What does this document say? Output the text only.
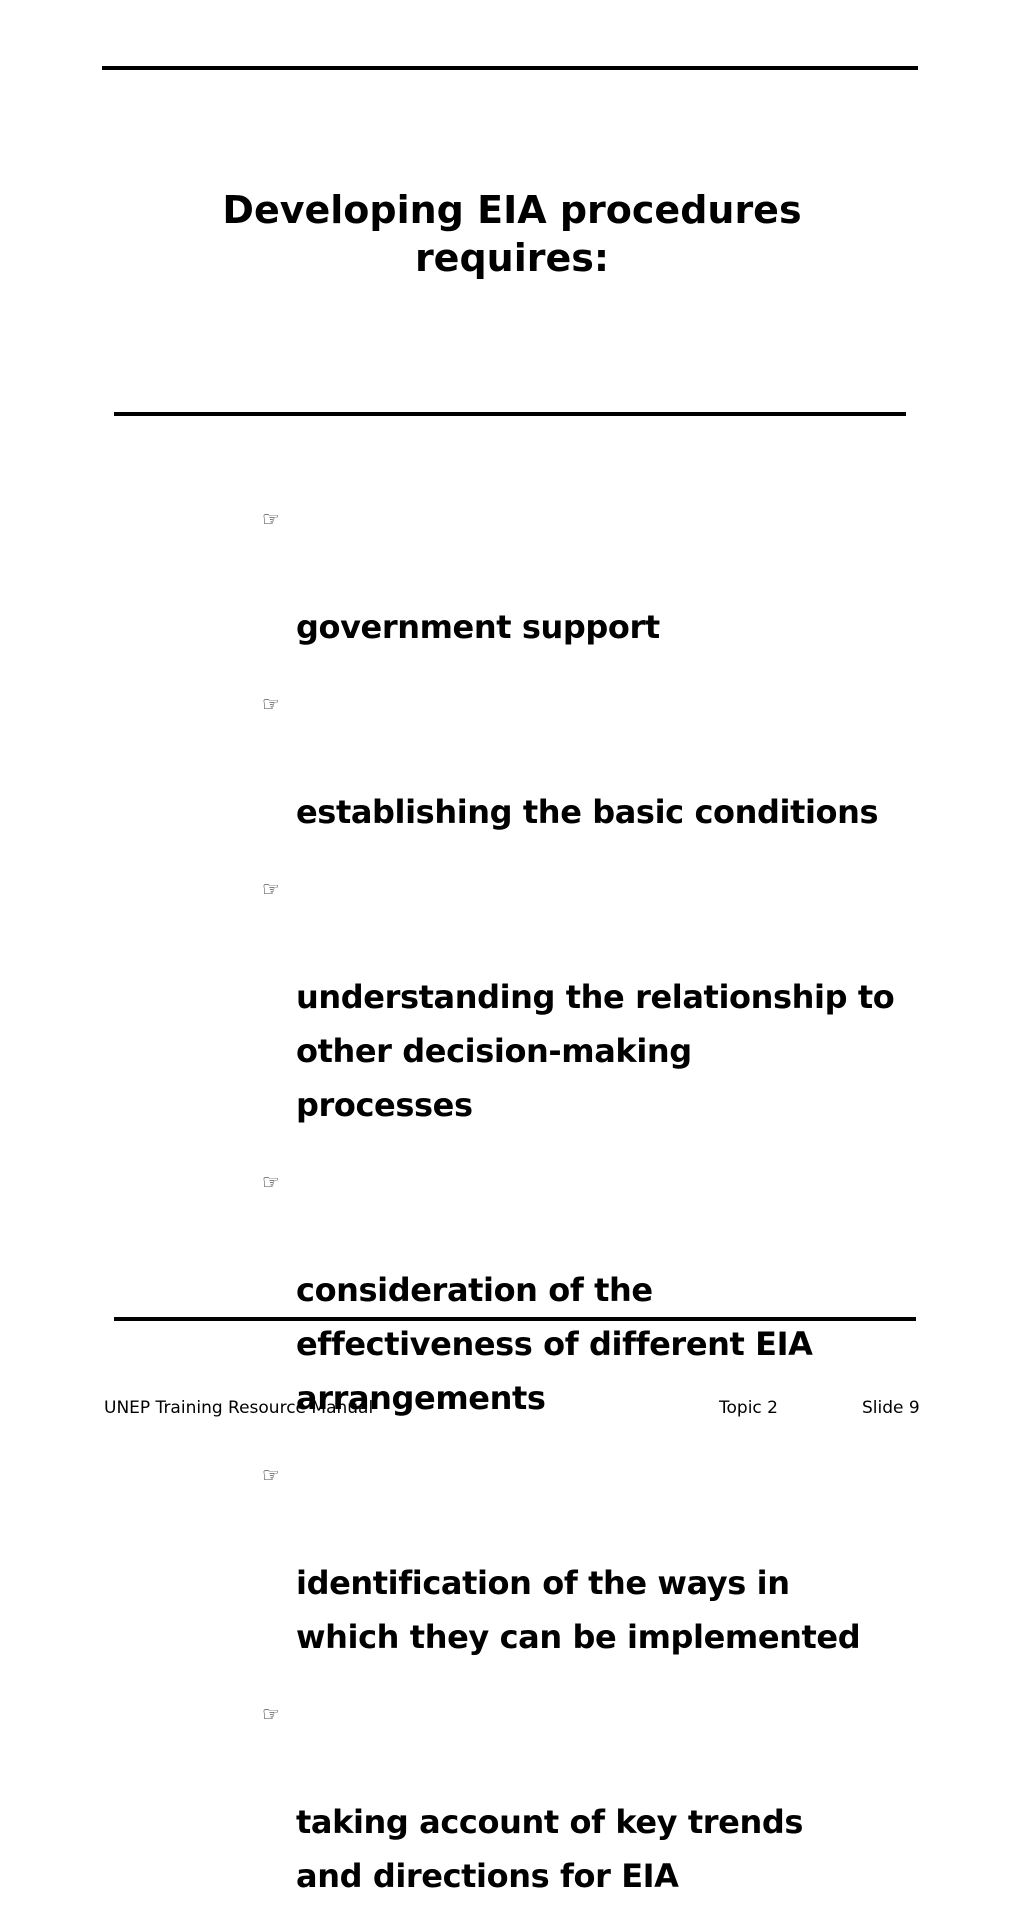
Developing EIA procedures
requires:

☞

government support

☞

establishing the basic conditions

☞

understanding the relationship to
other decision-making
processes

☞

consideration of the
effectiveness of different EIA
arrangements

☞

identification of the ways in
which they can be implemented

☞

taking account of key trends
and directions for EIA

UNEP Training Resource Manual	Topic 2	Slide 9
